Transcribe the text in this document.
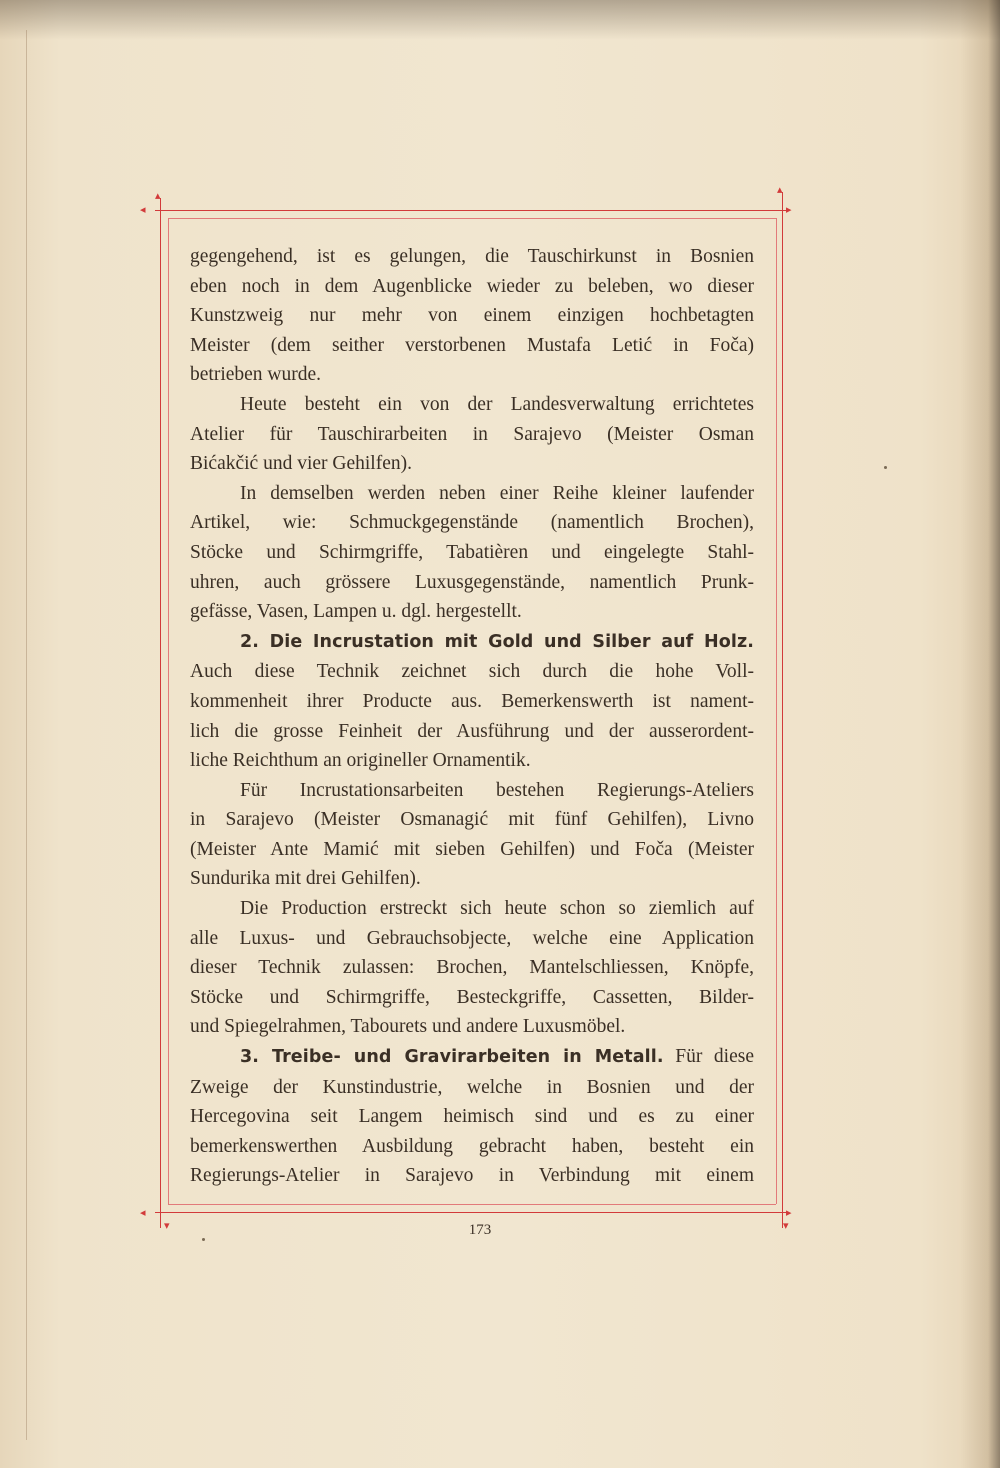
◂
▴
▸
▴
◂	▸
▾	▾
gegengehend, ist es gelungen, die Tauschirkunst in Bosnien
eben noch in dem Augenblicke wieder zu beleben, wo dieser
Kunstzweig nur mehr von einem einzigen hochbetagten
Meister (dem seither verstorbenen Mustafa Letić in Foča)
betrieben wurde.
Heute besteht ein von der Landesverwaltung errichtetes
Atelier für Tauschirarbeiten in Sarajevo (Meister Osman
Bićakčić und vier Gehilfen).
In demselben werden neben einer Reihe kleiner laufender
Artikel, wie: Schmuckgegenstände (namentlich Brochen),
Stöcke und Schirmgriffe, Tabatièren und eingelegte Stahl-
uhren, auch grössere Luxusgegenstände, namentlich Prunk-
gefässe, Vasen, Lampen u. dgl. hergestellt.
2. Die Incrustation mit Gold und Silber auf Holz.
Auch diese Technik zeichnet sich durch die hohe Voll-
kommenheit ihrer Producte aus. Bemerkenswerth ist nament-
lich die grosse Feinheit der Ausführung und der ausserordent-
liche Reichthum an origineller Ornamentik.
Für Incrustationsarbeiten bestehen Regierungs-Ateliers
in Sarajevo (Meister Osmanagić mit fünf Gehilfen), Livno
(Meister Ante Mamić mit sieben Gehilfen) und Foča (Meister
Sundurika mit drei Gehilfen).
Die Production erstreckt sich heute schon so ziemlich auf
alle Luxus- und Gebrauchsobjecte, welche eine Application
dieser Technik zulassen: Brochen, Mantelschliessen, Knöpfe,
Stöcke und Schirmgriffe, Besteckgriffe, Cassetten, Bilder-
und Spiegelrahmen, Tabourets und andere Luxusmöbel.
3. Treibe- und Gravirarbeiten in Metall. Für diese
Zweige der Kunstindustrie, welche in Bosnien und der
Hercegovina seit Langem heimisch sind und es zu einer
bemerkenswerthen Ausbildung gebracht haben, besteht ein
Regierungs-Atelier in Sarajevo in Verbindung mit einem
173
